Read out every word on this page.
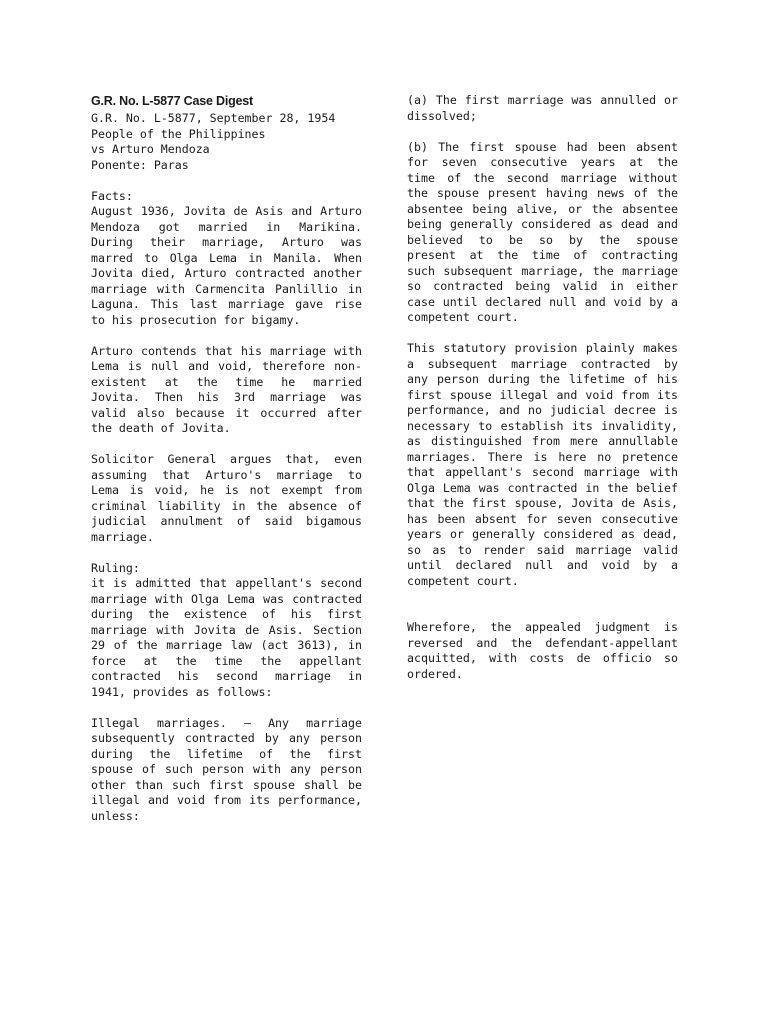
G.R. No. L-5877 Case Digest

G.R. No. L-5877, September 28, 1954

People of the Philippines

vs Arturo Mendoza

Ponente: Paras

Facts:

August 1936, Jovita de Asis and Arturo Mendoza got married in Marikina. During their marriage, Arturo was marred to Olga Lema in Manila. When Jovita died, Arturo contracted another marriage with Carmencita Panlillio in Laguna. This last marriage gave rise to his prosecution for bigamy.

Arturo contends that his marriage with Lema is null and void, therefore non-existent at the time he married Jovita. Then his 3rd marriage was valid also because it occurred after the death of Jovita.

Solicitor General argues that, even assuming that Arturo's marriage to Lema is void, he is not exempt from criminal liability in the absence of judicial annulment of said bigamous marriage.

Ruling:

it is admitted that appellant's second marriage with Olga Lema was contracted during the existence of his first marriage with Jovita de Asis. Section 29 of the marriage law (act 3613), in force at the time the appellant contracted his second marriage in 1941, provides as follows:

Illegal marriages. — Any marriage subsequently contracted by any person during the lifetime of the first spouse of such person with any person other than such first spouse shall be illegal and void from its performance, unless:

(a) The first marriage was annulled or dissolved;

(b) The first spouse had been absent for seven consecutive years at the time of the second marriage without the spouse present having news of the absentee being alive, or the absentee being generally considered as dead and believed to be so by the spouse present at the time of contracting such subsequent marriage, the marriage so contracted being valid in either case until declared null and void by a competent court.

This statutory provision plainly makes a subsequent marriage contracted by any person during the lifetime of his first spouse illegal and void from its performance, and no judicial decree is necessary to establish its invalidity, as distinguished from mere annullable marriages. There is here no pretence that appellant's second marriage with Olga Lema was contracted in the belief that the first spouse, Jovita de Asis, has been absent for seven consecutive years or generally considered as dead, so as to render said marriage valid until declared null and void by a competent court.

Wherefore, the appealed judgment is reversed and the defendant-appellant acquitted, with costs de officio so ordered.
